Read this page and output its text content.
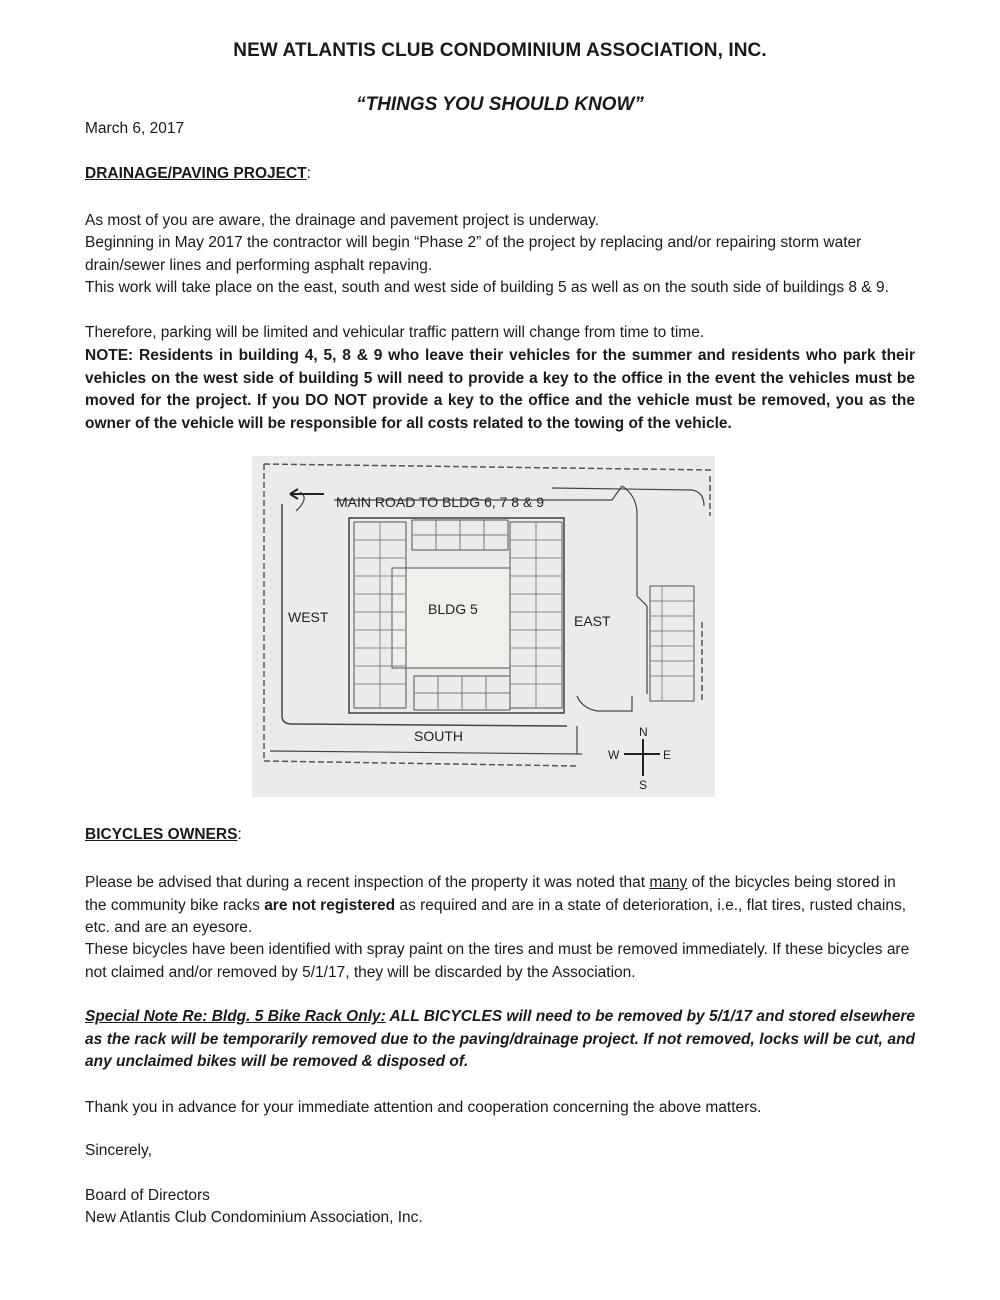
NEW ATLANTIS CLUB CONDOMINIUM ASSOCIATION, INC.
“THINGS YOU SHOULD KNOW”
March 6, 2017
DRAINAGE/PAVING PROJECT:
As most of you are aware, the drainage and pavement project is underway.
Beginning in May 2017 the contractor will begin “Phase 2” of the project by replacing and/or repairing storm water drain/sewer lines and performing asphalt repaving.
This work will take place on the east, south and west side of building 5 as well as on the south side of buildings 8 & 9.
Therefore, parking will be limited and vehicular traffic pattern will change from time to time.
NOTE: Residents in building 4, 5, 8 & 9 who leave their vehicles for the summer and residents who park their vehicles on the west side of building 5 will need to provide a key to the office in the event the vehicles must be moved for the project. If you DO NOT provide a key to the office and the vehicle must be removed, you as the owner of the vehicle will be responsible for all costs related to the towing of the vehicle.
MAIN ROAD TO BLDG 6, 7 8 & 9
WEST	BLDG 5
EAST
SOUTH	N
S
E
W
BICYCLES OWNERS:
Please be advised that during a recent inspection of the property it was noted that many of the bicycles being stored in the community bike racks are not registered as required and are in a state of deterioration, i.e., flat tires, rusted chains, etc. and are an eyesore.
These bicycles have been identified with spray paint on the tires and must be removed immediately. If these bicycles are not claimed and/or removed by 5/1/17, they will be discarded by the Association.
Special Note Re: Bldg. 5 Bike Rack Only: ALL BICYCLES will need to be removed by 5/1/17 and stored elsewhere as the rack will be temporarily removed due to the paving/drainage project. If not removed, locks will be cut, and any unclaimed bikes will be removed & disposed of.
Thank you in advance for your immediate attention and cooperation concerning the above matters.
Sincerely,
Board of Directors
New Atlantis Club Condominium Association, Inc.
